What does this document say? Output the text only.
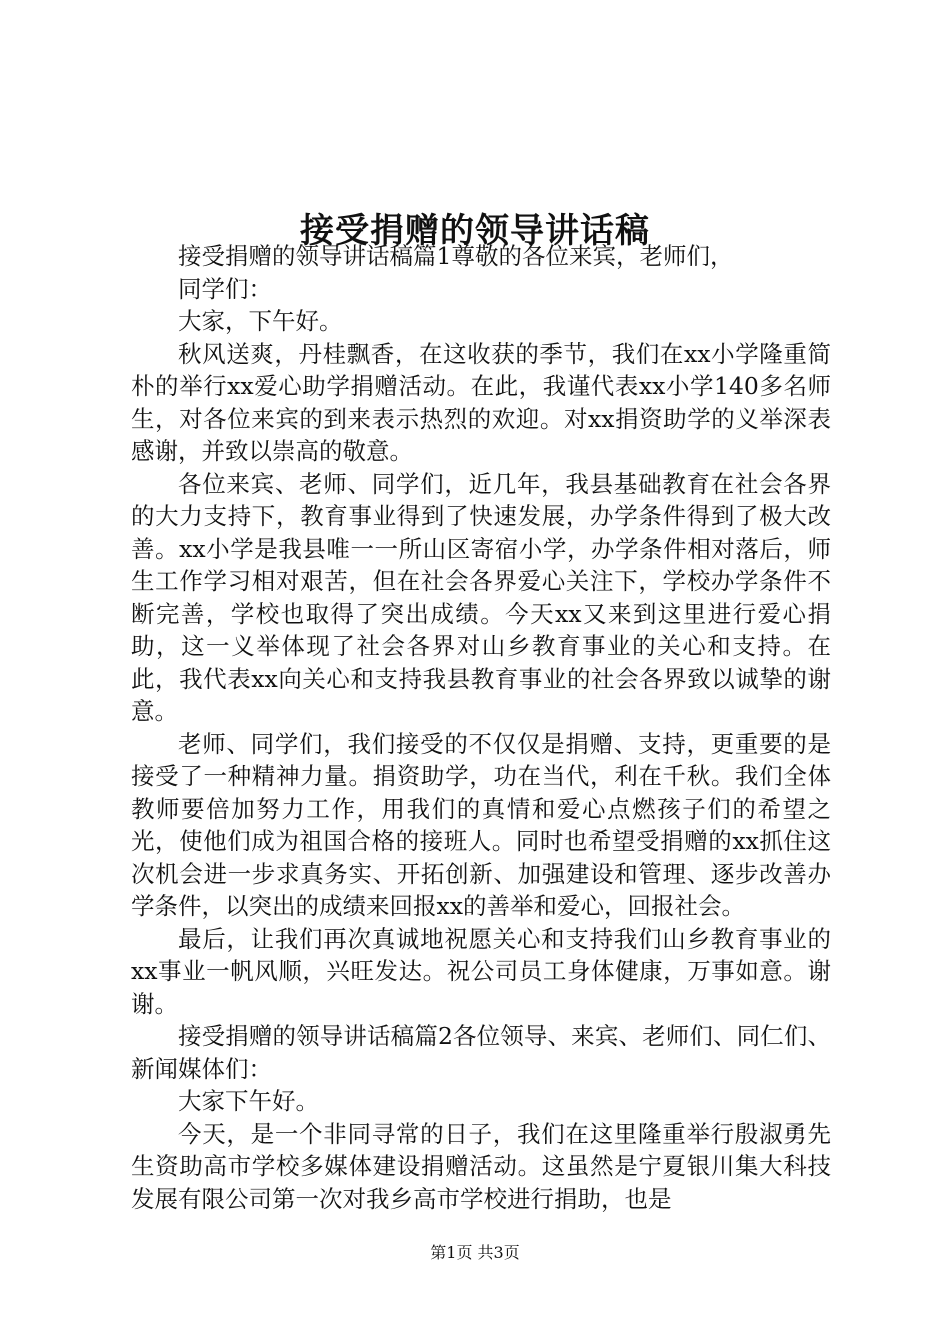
接受捐赠的领导讲话稿

接受捐赠的领导讲话稿篇1尊敬的各位来宾，老师们，

同学们：

大家，下午好。

秋风送爽，丹桂飘香，在这收获的季节，我们在xx小学隆重简朴的举行xx爱心助学捐赠活动。在此，我谨代表xx小学140多名师生，对各位来宾的到来表示热烈的欢迎。对xx捐资助学的义举深表感谢，并致以崇高的敬意。

各位来宾、老师、同学们，近几年，我县基础教育在社会各界的大力支持下，教育事业得到了快速发展，办学条件得到了极大改善。xx小学是我县唯一一所山区寄宿小学，办学条件相对落后，师生工作学习相对艰苦，但在社会各界爱心关注下，学校办学条件不断完善，学校也取得了突出成绩。今天xx又来到这里进行爱心捐助，这一义举体现了社会各界对山乡教育事业的关心和支持。在此，我代表xx向关心和支持我县教育事业的社会各界致以诚挚的谢意。

老师、同学们，我们接受的不仅仅是捐赠、支持，更重要的是接受了一种精神力量。捐资助学，功在当代，利在千秋。我们全体教师要倍加努力工作，用我们的真情和爱心点燃孩子们的希望之光，使他们成为祖国合格的接班人。同时也希望受捐赠的xx抓住这次机会进一步求真务实、开拓创新、加强建设和管理、逐步改善办学条件，以突出的成绩来回报xx的善举和爱心，回报社会。

最后，让我们再次真诚地祝愿关心和支持我们山乡教育事业的xx事业一帆风顺，兴旺发达。祝公司员工身体健康，万事如意。谢谢。

接受捐赠的领导讲话稿篇2各位领导、来宾、老师们、同仁们、新闻媒体们：

大家下午好。

今天，是一个非同寻常的日子，我们在这里隆重举行殷淑勇先生资助高市学校多媒体建设捐赠活动。这虽然是宁夏银川集大科技发展有限公司第一次对我乡高市学校进行捐助，也是

第1页 共3页
